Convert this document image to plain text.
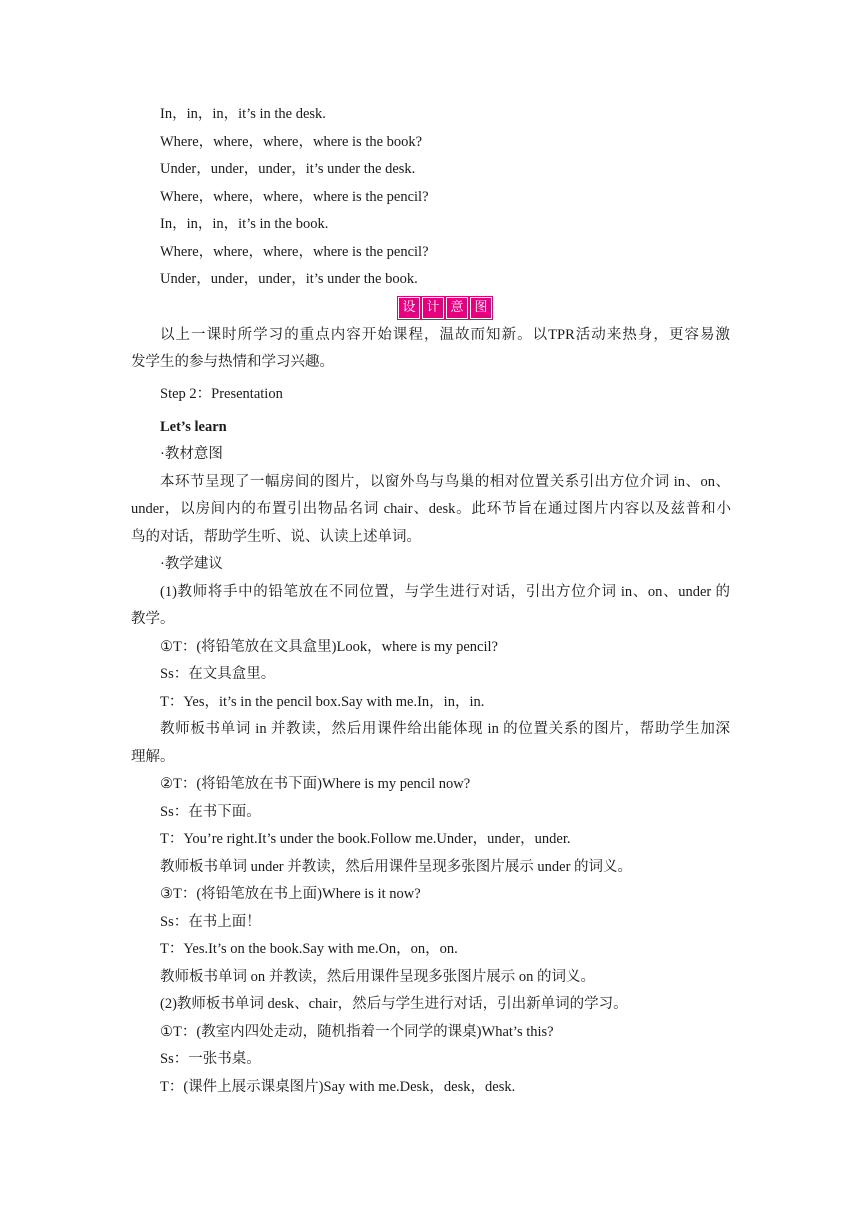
In，in，in，it’s in the desk.
Where，where，where，where is the book?
Under，under，under，it’s under the desk.
Where，where，where，where is the pencil?
In，in，in，it’s in the book.
Where，where，where，where is the pencil?
Under，under，under，it’s under the book.
设 计 意 图
以上一课时所学习的重点内容开始课程，温故而知新。以TPR活动来热身，更容易激
发学生的参与热情和学习兴趣。
Step 2：Presentation
Let’s learn
·教材意图
本环节呈现了一幅房间的图片，以窗外鸟与鸟巢的相对位置关系引出方位介词 in、on、
under，以房间内的布置引出物品名词 chair、desk。此环节旨在通过图片内容以及兹普和小
鸟的对话，帮助学生听、说、认读上述单词。
·教学建议
(1)教师将手中的铅笔放在不同位置，与学生进行对话，引出方位介词 in、on、under 的
教学。
①T：(将铅笔放在文具盒里)Look，where is my pencil?
Ss：在文具盒里。
T：Yes，it’s in the pencil box.Say with me.In，in，in.
教师板书单词 in 并教读，然后用课件给出能体现 in 的位置关系的图片，帮助学生加深
理解。
②T：(将铅笔放在书下面)Where is my pencil now?
Ss：在书下面。
T：You’re right.It’s under the book.Follow me.Under，under，under.
教师板书单词 under 并教读，然后用课件呈现多张图片展示 under 的词义。
③T：(将铅笔放在书上面)Where is it now?
Ss：在书上面！
T：Yes.It’s on the book.Say with me.On，on，on.
教师板书单词 on 并教读，然后用课件呈现多张图片展示 on 的词义。
(2)教师板书单词 desk、chair，然后与学生进行对话，引出新单词的学习。
①T：(教室内四处走动，随机指着一个同学的课桌)What’s this?
Ss：一张书桌。
T：(课件上展示课桌图片)Say with me.Desk，desk，desk.
